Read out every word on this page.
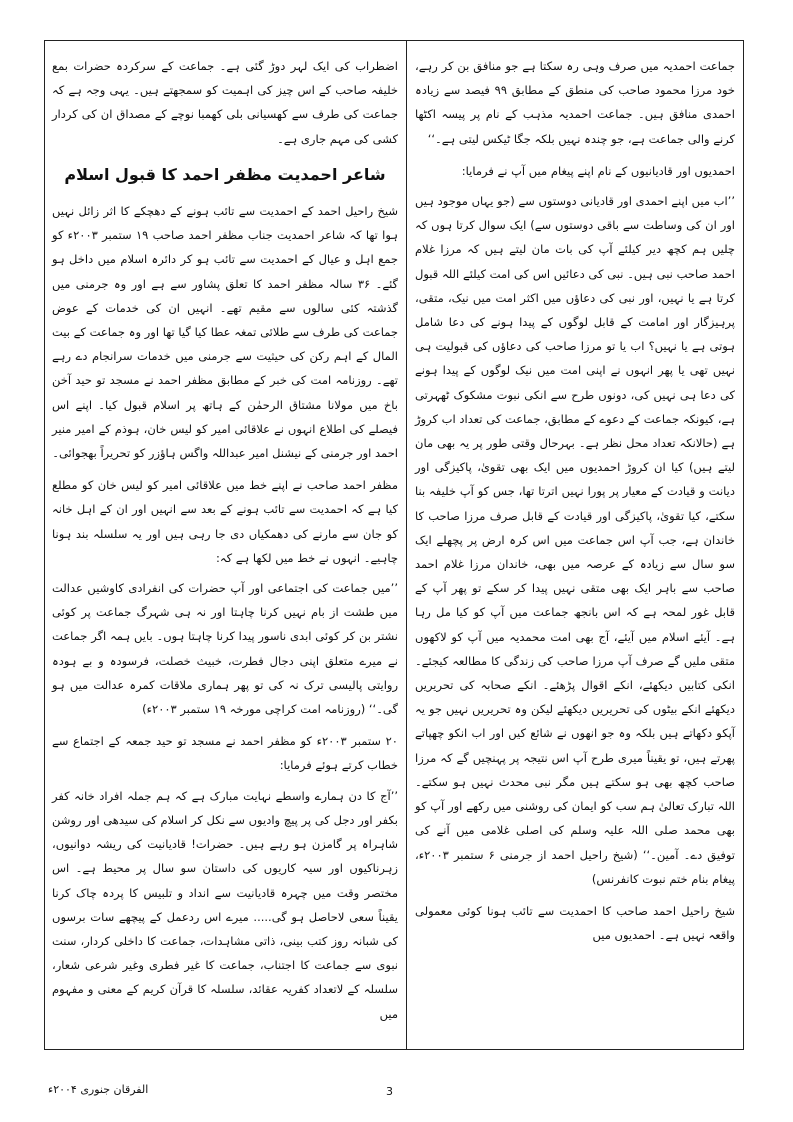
جماعت احمدیہ میں صرف وہی رہ سکتا ہے جو منافق بن کر رہے، خود مرزا محمود صاحب کی منطق کے مطابق ۹۹ فیصد سے زیادہ احمدی منافق ہیں۔ جماعت احمدیہ مذہب کے نام پر پیسہ اکٹھا کرنے والی جماعت ہے، جو چندہ نہیں بلکہ جگا ٹیکس لیتی ہے۔‘‘

احمدیوں اور قادیانیوں کے نام اپنے پیغام میں آپ نے فرمایا:

’’اب میں اپنے احمدی اور قادیانی دوستوں سے (جو یہاں موجود ہیں اور ان کی وساطت سے باقی دوستوں سے) ایک سوال کرتا ہوں کہ چلیں ہم کچھ دیر کیلئے آپ کی بات مان لیتے ہیں کہ مرزا غلام احمد صاحب نبی ہیں۔ نبی کی دعائیں اس کی امت کیلئے اللہ قبول کرتا ہے یا نہیں، اور نبی کی دعاؤں میں اکثر امت میں نیک، متقی، پرہیزگار اور امامت کے قابل لوگوں کے پیدا ہونے کی دعا شامل ہوتی ہے یا نہیں؟ اب یا تو مرزا صاحب کی دعاؤں کی قبولیت ہی نہیں تھی یا پھر انہوں نے اپنی امت میں نیک لوگوں کے پیدا ہونے کی دعا ہی نہیں کی، دونوں طرح سے انکی نبوت مشکوک ٹھہرتی ہے، کیونکہ جماعت کے دعوے کے مطابق، جماعت کی تعداد اب کروڑ ہے (حالانکہ تعداد محل نظر ہے۔ بہرحال وقتی طور پر یہ بھی مان لیتے ہیں) کیا ان کروڑ احمدیوں میں ایک بھی تقویٰ، پاکیزگی اور دیانت و قیادت کے معیار پر پورا نہیں اترتا تھا، جس کو آپ خلیفہ بنا سکتے، کیا تقویٰ، پاکیزگی اور قیادت کے قابل صرف مرزا صاحب کا خاندان ہے، جب آپ اس جماعت میں اس کرہ ارض پر پچھلے ایک سو سال سے زیادہ کے عرصہ میں بھی، خاندان مرزا غلام احمد صاحب سے باہر ایک بھی متقی نہیں پیدا کر سکے تو پھر آپ کے قابل غور لمحہ ہے کہ اس بانجھ جماعت میں آپ کو کیا مل رہا ہے۔ آیئے اسلام میں آیئے، آج بھی امت محمدیہ میں آپ کو لاکھوں متقی ملیں گے صرف آپ مرزا صاحب کی زندگی کا مطالعہ کیجئے۔ انکی کتابیں دیکھئے، انکے اقوال پڑھئے۔ انکے صحابہ کی تحریریں دیکھئے انکے بیٹوں کی تحریریں دیکھئے لیکن وہ تحریریں نہیں جو یہ آپکو دکھاتے ہیں بلکہ وہ جو انھوں نے شائع کیں اور اب انکو چھپاتے پھرتے ہیں، تو یقیناً میری طرح آپ اس نتیجہ پر پہنچیں گے کہ مرزا صاحب کچھ بھی ہو سکتے ہیں مگر نبی محدث نہیں ہو سکتے۔ اللہ تبارک تعالیٰ ہم سب کو ایمان کی روشنی میں رکھے اور آپ کو بھی محمد صلی اللہ علیہ وسلم کی اصلی غلامی میں آنے کی توفیق دے۔ آمین۔‘‘ (شیخ راحیل احمد از جرمنی ۶ ستمبر ۲۰۰۳ء، پیغام بنام ختم نبوت کانفرنس)

شیخ راحیل احمد صاحب کا احمدیت سے تائب ہونا کوئی معمولی واقعہ نہیں ہے۔ احمدیوں میں

اضطراب کی ایک لہر دوڑ گئی ہے۔ جماعت کے سرکردہ حضرات بمع خلیفہ صاحب کے اس چیز کی اہمیت کو سمجھتے ہیں۔ یہی وجہ ہے کہ جماعت کی طرف سے کھسیانی بلی کھمبا نوچے کے مصداق ان کی کردار کشی کی مہم جاری ہے۔

شاعر احمدیت مظفر احمد کا قبول اسلام

شیخ راحیل احمد کے احمدیت سے تائب ہونے کے دھچکے کا اثر زائل نہیں ہوا تھا کہ شاعر احمدیت جناب مظفر احمد صاحب ۱۹ ستمبر ۲۰۰۳ء کو جمع اہل و عیال کے احمدیت سے تائب ہو کر دائرہ اسلام میں داخل ہو گئے۔ ۳۶ سالہ مظفر احمد کا تعلق پشاور سے ہے اور وہ جرمنی میں گذشتہ کئی سالوں سے مقیم تھے۔ انہیں ان کی خدمات کے عوض جماعت کی طرف سے طلائی تمغہ عطا کیا گیا تھا اور وہ جماعت کے بیت المال کے اہم رکن کی حیثیت سے جرمنی میں خدمات سرانجام دے رہے تھے۔ روزنامہ امت کی خبر کے مطابق مظفر احمد نے مسجد تو حید آخن باخ میں مولانا مشتاق الرحمٰن کے ہاتھ پر اسلام قبول کیا۔ اپنے اس فیصلے کی اطلاع انہوں نے علاقائی امیر کو لیس خان، ہوذم کے امیر منیر احمد اور جرمنی کے نیشنل امیر عبداللہ واگس ہاؤزر کو تحریراً بھجوائی۔

مظفر احمد صاحب نے اپنے خط میں علاقائی امیر کو لیس خان کو مطلع کیا ہے کہ احمدیت سے تائب ہونے کے بعد سے انہیں اور ان کے اہل خانہ کو جان سے مارنے کی دھمکیاں دی جا رہی ہیں اور یہ سلسلہ بند ہونا چاہیے۔ انہوں نے خط میں لکھا ہے کہ:

’’میں جماعت کی اجتماعی اور آپ حضرات کی انفرادی کاوشیں عدالت میں طشت از بام نہیں کرنا چاہتا اور نہ ہی شہرگ جماعت پر کوئی نشتر بن کر کوئی ابدی ناسور پیدا کرنا چاہتا ہوں۔ بایں ہمہ اگر جماعت نے میرے متعلق اپنی دجال فطرت، خبیث خصلت، فرسودہ و بے ہودہ روایتی پالیسی ترک نہ کی تو پھر ہماری ملاقات کمرہ عدالت میں ہو گی۔‘‘ (روزنامہ امت کراچی مورخہ ۱۹ ستمبر ۲۰۰۳ء)

۲۰ ستمبر ۲۰۰۳ء کو مظفر احمد نے مسجد تو حید جمعہ کے اجتماع سے خطاب کرتے ہوئے فرمایا:

’’آج کا دن ہمارے واسطے نہایت مبارک ہے کہ ہم جملہ افراد خانہ کفر بکفر اور دجل کی پر پیچ وادیوں سے نکل کر اسلام کی سیدھی اور روشن شاہراہ پر گامزن ہو رہے ہیں۔ حضرات! قادیانیت کی ریشہ دوانیوں، زہرناکیوں اور سیہ کاریوں کی داستان سو سال پر محیط ہے۔ اس مختصر وقت میں چہرہ قادیانیت سے انداد و تلبیس کا پردہ چاک کرنا یقیناً سعی لاحاصل ہو گی..... میرے اس ردعمل کے پیچھے سات برسوں کی شبانہ روز کتب بینی، ذاتی مشاہدات، جماعت کا داخلی کردار، سنت نبوی سے جماعت کا اجتناب، جماعت کا غیر فطری وغیر شرعی شعار، سلسلہ کے لاتعداد کفریہ عقائد، سلسلہ کا قرآن کریم کے معنی و مفہوم میں

3
الفرقان جنوری ۲۰۰۴ء
